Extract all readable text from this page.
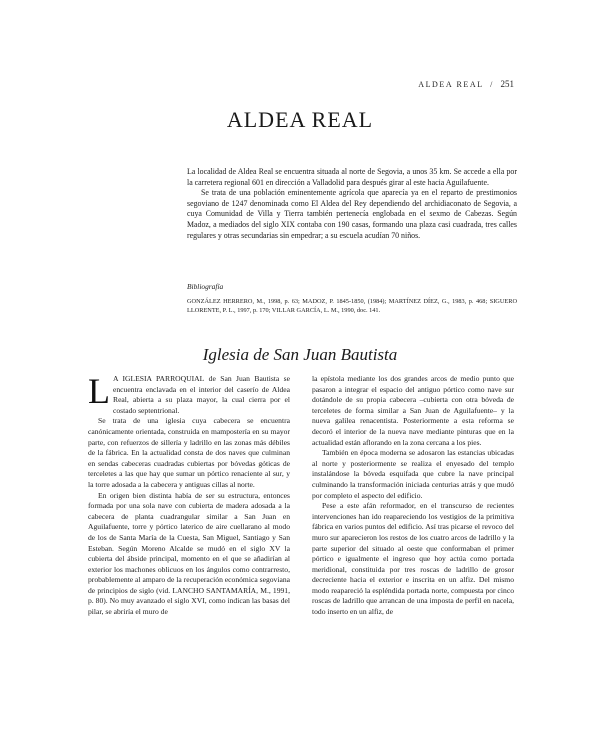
ALDEA REAL / 251
ALDEA REAL

La localidad de Aldea Real se encuentra situada al norte de Segovia, a unos 35 km. Se accede a ella por la carretera regional 601 en dirección a Valladolid para después girar al este hacia Aguilafuente.

Se trata de una población eminentemente agrícola que aparecía ya en el reparto de prestimonios segoviano de 1247 denominada como El Aldea del Rey dependiendo del archidiaconato de Segovia, a cuya Comunidad de Villa y Tierra también pertenecía englobada en el sexmo de Cabezas. Según Madoz, a mediados del siglo XIX contaba con 190 casas, formando una plaza casi cuadrada, tres calles regulares y otras secundarias sin empedrar; a su escuela acudían 70 niños.

Bibliografía
GONZÁLEZ HERRERO, M., 1998, p. 63; MADOZ, P. 1845-1850, (1984); MARTÍNEZ DÍEZ, G., 1983, p. 468; SIGUERO LLORENTE, P. L., 1997, p. 170; VILLAR GARCÍA, L. M., 1990, doc. 141.
Iglesia de San Juan Bautista

L A IGLESIA PARROQUIAL de San Juan Bautista se encuentra enclavada en el interior del caserío de Aldea Real, abierta a su plaza mayor, la cual cierra por el costado septentrional.

Se trata de una iglesia cuya cabecera se encuentra canónicamente orientada, construida en mampostería en su mayor parte, con refuerzos de sillería y ladrillo en las zonas más débiles de la fábrica. En la actualidad consta de dos naves que culminan en sendas cabeceras cuadradas cubiertas por bóvedas góticas de terceletes a las que hay que sumar un pórtico renaciente al sur, y la torre adosada a la cabecera y antiguas cillas al norte.

En origen bien distinta había de ser su estructura, entonces formada por una sola nave con cubierta de madera adosada a la cabecera de planta cuadrangular similar a San Juan en Aguilafuente, torre y pórtico laterico de aire cuellarano al modo de los de Santa María de la Cuesta, San Miguel, Santiago y San Esteban. Según Moreno Alcalde se mudó en el siglo XV la cubierta del ábside principal, momento en el que se añadirían al exterior los machones oblicuos en los ángulos como contrarresto, probablemente al amparo de la recuperación económica segoviana de principios de siglo (vid. LANCHO SANTAMARÍA, M., 1991, p. 80). No muy avanzado el siglo XVI, como indican las basas del pilar, se abriría el muro de

la epístola mediante los dos grandes arcos de medio punto que pasaron a integrar el espacio del antiguo pórtico como nave sur dotándole de su propia cabecera –cubierta con otra bóveda de terceletes de forma similar a San Juan de Aguilafuente– y la nueva galilea renacentista. Posteriormente a esta reforma se decoró el interior de la nueva nave mediante pinturas que en la actualidad están aflorando en la zona cercana a los pies.

También en época moderna se adosaron las estancias ubicadas al norte y posteriormente se realiza el enyesado del templo instalándose la bóveda esquifada que cubre la nave principal culminando la transformación iniciada centurias atrás y que mudó por completo el aspecto del edificio.

Pese a este afán reformador, en el transcurso de recientes intervenciones han ido reapareciendo los vestigios de la primitiva fábrica en varios puntos del edificio. Así tras picarse el revoco del muro sur aparecieron los restos de los cuatro arcos de ladrillo y la parte superior del situado al oeste que conformaban el primer pórtico e igualmente el ingreso que hoy actúa como portada meridional, constituida por tres roscas de ladrillo de grosor decreciente hacia el exterior e inscrita en un alfiz. Del mismo modo reapareció la espléndida portada norte, compuesta por cinco roscas de ladrillo que arrancan de una imposta de perfil en nacela, todo inserto en un alfiz, de
